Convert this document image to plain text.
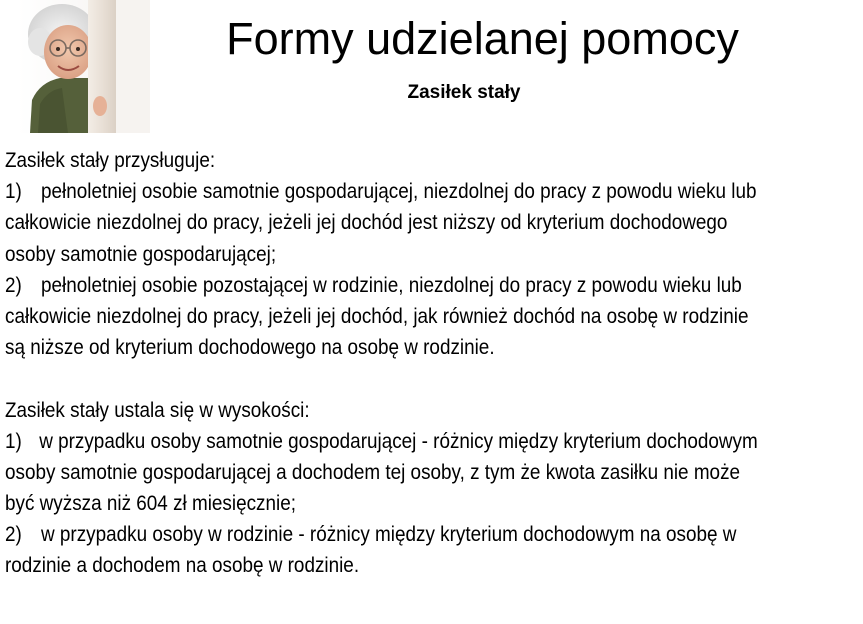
Formy udzielanej pomocy
Zasiłek stały
Zasiłek stały przysługuje:
1) pełnoletniej osobie samotnie gospodarującej, niezdolnej do pracy z powodu wieku lub
całkowicie niezdolnej do pracy, jeżeli jej dochód jest niższy od kryterium dochodowego
osoby samotnie gospodarującej;
2) pełnoletniej osobie pozostającej w rodzinie, niezdolnej do pracy z powodu wieku lub
całkowicie niezdolnej do pracy, jeżeli jej dochód, jak również dochód na osobę w rodzinie
są niższe od kryterium dochodowego na osobę w rodzinie.
Zasiłek stały ustala się w wysokości:
1) w przypadku osoby samotnie gospodarującej - różnicy między kryterium dochodowym
osoby samotnie gospodarującej a dochodem tej osoby, z tym że kwota zasiłku nie może
być wyższa niż 604 zł miesięcznie;
2) w przypadku osoby w rodzinie - różnicy między kryterium dochodowym na osobę w
rodzinie a dochodem na osobę w rodzinie.
